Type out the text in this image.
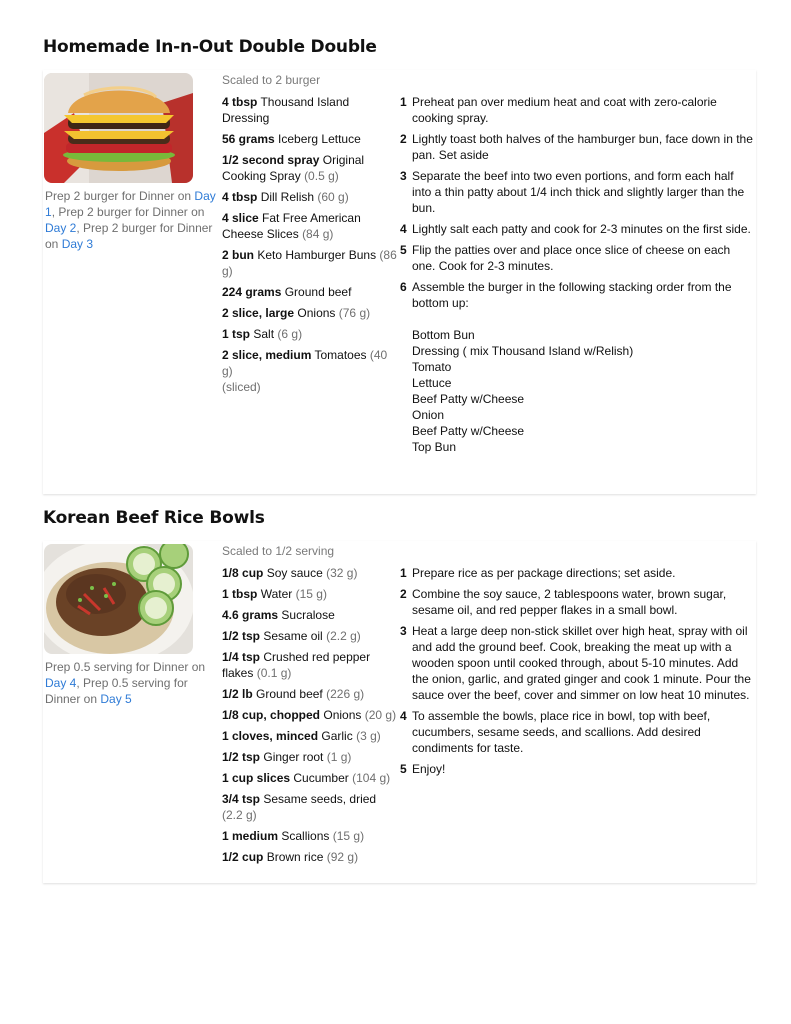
Homemade In-n-Out Double Double
Prep 2 burger for Dinner on Day 1, Prep 2 burger for Dinner on Day 2, Prep 2 burger for Dinner on Day 3
Scaled to 2 burger
4 tbsp Thousand Island Dressing
56 grams Iceberg Lettuce
1/2 second spray Original Cooking Spray (0.5 g)
4 tbsp Dill Relish (60 g)
4 slice Fat Free American Cheese Slices (84 g)
2 bun Keto Hamburger Buns (86 g)
224 grams Ground beef
2 slice, large Onions (76 g)
1 tsp Salt (6 g)
2 slice, medium Tomatoes (40 g)
(sliced)
1 Preheat pan over medium heat and coat with zero-calorie cooking spray.
2 Lightly toast both halves of the hamburger bun, face down in the pan. Set aside
3 Separate the beef into two even portions, and form each half into a thin patty about 1/4 inch thick and slightly larger than the bun.
4 Lightly salt each patty and cook for 2-3 minutes on the first side.
5 Flip the patties over and place once slice of cheese on each one. Cook for 2-3 minutes.
6 Assemble the burger in the following stacking order from the bottom up:
Bottom Bun
Dressing ( mix Thousand Island w/Relish)
Tomato
Lettuce
Beef Patty w/Cheese
Onion
Beef Patty w/Cheese
Top Bun
Korean Beef Rice Bowls
Prep 0.5 serving for Dinner on Day 4, Prep 0.5 serving for Dinner on Day 5
Scaled to 1/2 serving
1/8 cup Soy sauce (32 g)
1 tbsp Water (15 g)
4.6 grams Sucralose
1/2 tsp Sesame oil (2.2 g)
1/4 tsp Crushed red pepper flakes (0.1 g)
1/2 lb Ground beef (226 g)
1/8 cup, chopped Onions (20 g)
1 cloves, minced Garlic (3 g)
1/2 tsp Ginger root (1 g)
1 cup slices Cucumber (104 g)
3/4 tsp Sesame seeds, dried (2.2 g)
1 medium Scallions (15 g)
1/2 cup Brown rice (92 g)
1 Prepare rice as per package directions; set aside.
2 Combine the soy sauce, 2 tablespoons water, brown sugar, sesame oil, and red pepper flakes in a small bowl.
3 Heat a large deep non-stick skillet over high heat, spray with oil and add the ground beef. Cook, breaking the meat up with a wooden spoon until cooked through, about 5-10 minutes. Add the onion, garlic, and grated ginger and cook 1 minute. Pour the sauce over the beef, cover and simmer on low heat 10 minutes.
4 To assemble the bowls, place rice in bowl, top with beef, cucumbers, sesame seeds, and scallions. Add desired condiments for taste.
5 Enjoy!
